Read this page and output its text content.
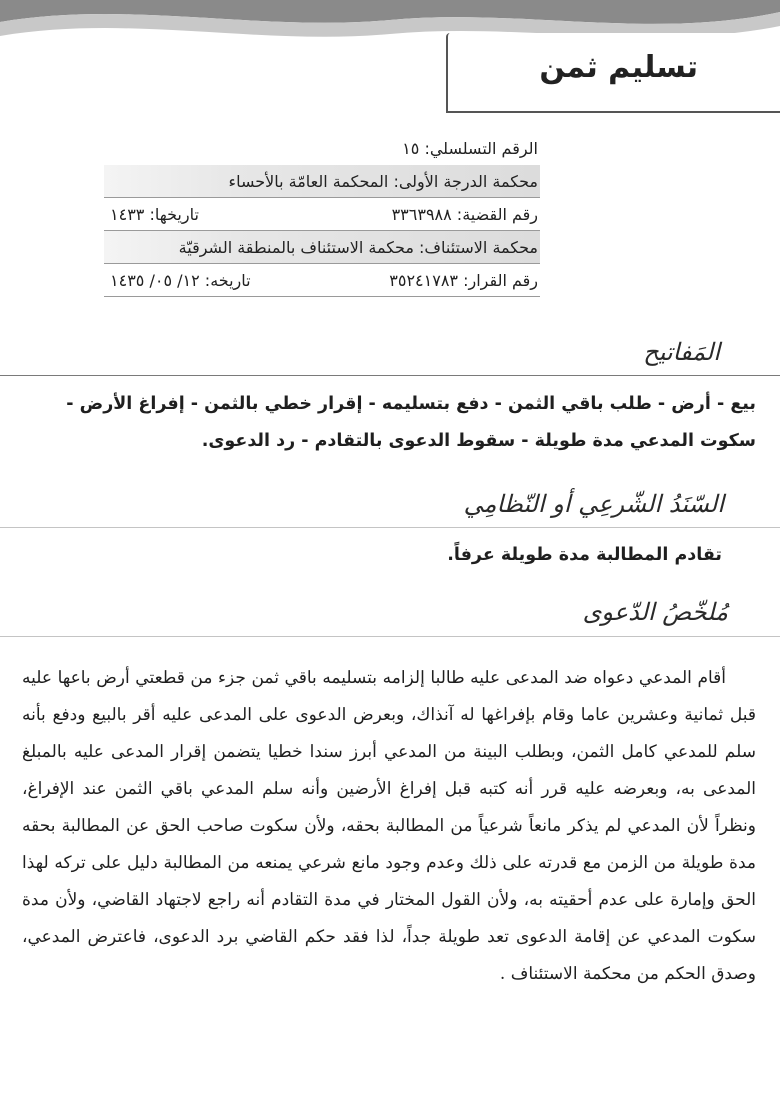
تسليم ثمن
الرقم التسلسلي: ١٥
محكمة الدرجة الأولى: المحكمة العامّة بالأحساء
رقم القضية: ٣٣٦٣٩٨٨
تاريخها: ١٤٣٣
محكمة الاستئناف: محكمة الاستئناف بالمنطقة الشرقيّة
رقم القرار: ٣٥٢٤١٧٨٣
تاريخه: ١٢/ ٠٥/ ١٤٣٥
المَفاتيح
بيع - أرض - طلب باقي الثمن - دفع بتسليمه - إقرار خطي بالثمن - إفراغ الأرض - سكوت المدعي مدة طويلة - سقوط الدعوى بالتقادم - رد الدعوى.
السّنَدُ الشّرعِي أو النّظامِي
تقادم المطالبة مدة طويلة عرفاً.
مُلخّصُ الدّعوى

أقام المدعي دعواه ضد المدعى عليه طالبا إلزامه بتسليمه باقي ثمن جزء من قطعتي أرض باعها عليه قبل ثمانية وعشرين عاما وقام بإفراغها له آنذاك، وبعرض الدعوى على المدعى عليه أقر بالبيع ودفع بأنه سلم للمدعي كامل الثمن، وبطلب البينة من المدعي أبرز سندا خطيا يتضمن إقرار المدعى عليه بالمبلغ المدعى به، وبعرضه عليه قرر أنه كتبه قبل إفراغ الأرضين وأنه سلم المدعي باقي الثمن عند الإفراغ، ونظراً لأن المدعي لم يذكر مانعاً شرعياً من المطالبة بحقه، ولأن سكوت صاحب الحق عن المطالبة بحقه مدة طويلة من الزمن مع قدرته على ذلك وعدم وجود مانع شرعي يمنعه من المطالبة دليل على تركه لهذا الحق وإمارة على عدم أحقيته به، ولأن القول المختار في مدة التقادم أنه راجع لاجتهاد القاضي، ولأن مدة سكوت المدعي عن إقامة الدعوى تعد طويلة جداً، لذا فقد حكم القاضي برد الدعوى، فاعترض المدعي، وصدق الحكم من محكمة الاستئناف .
